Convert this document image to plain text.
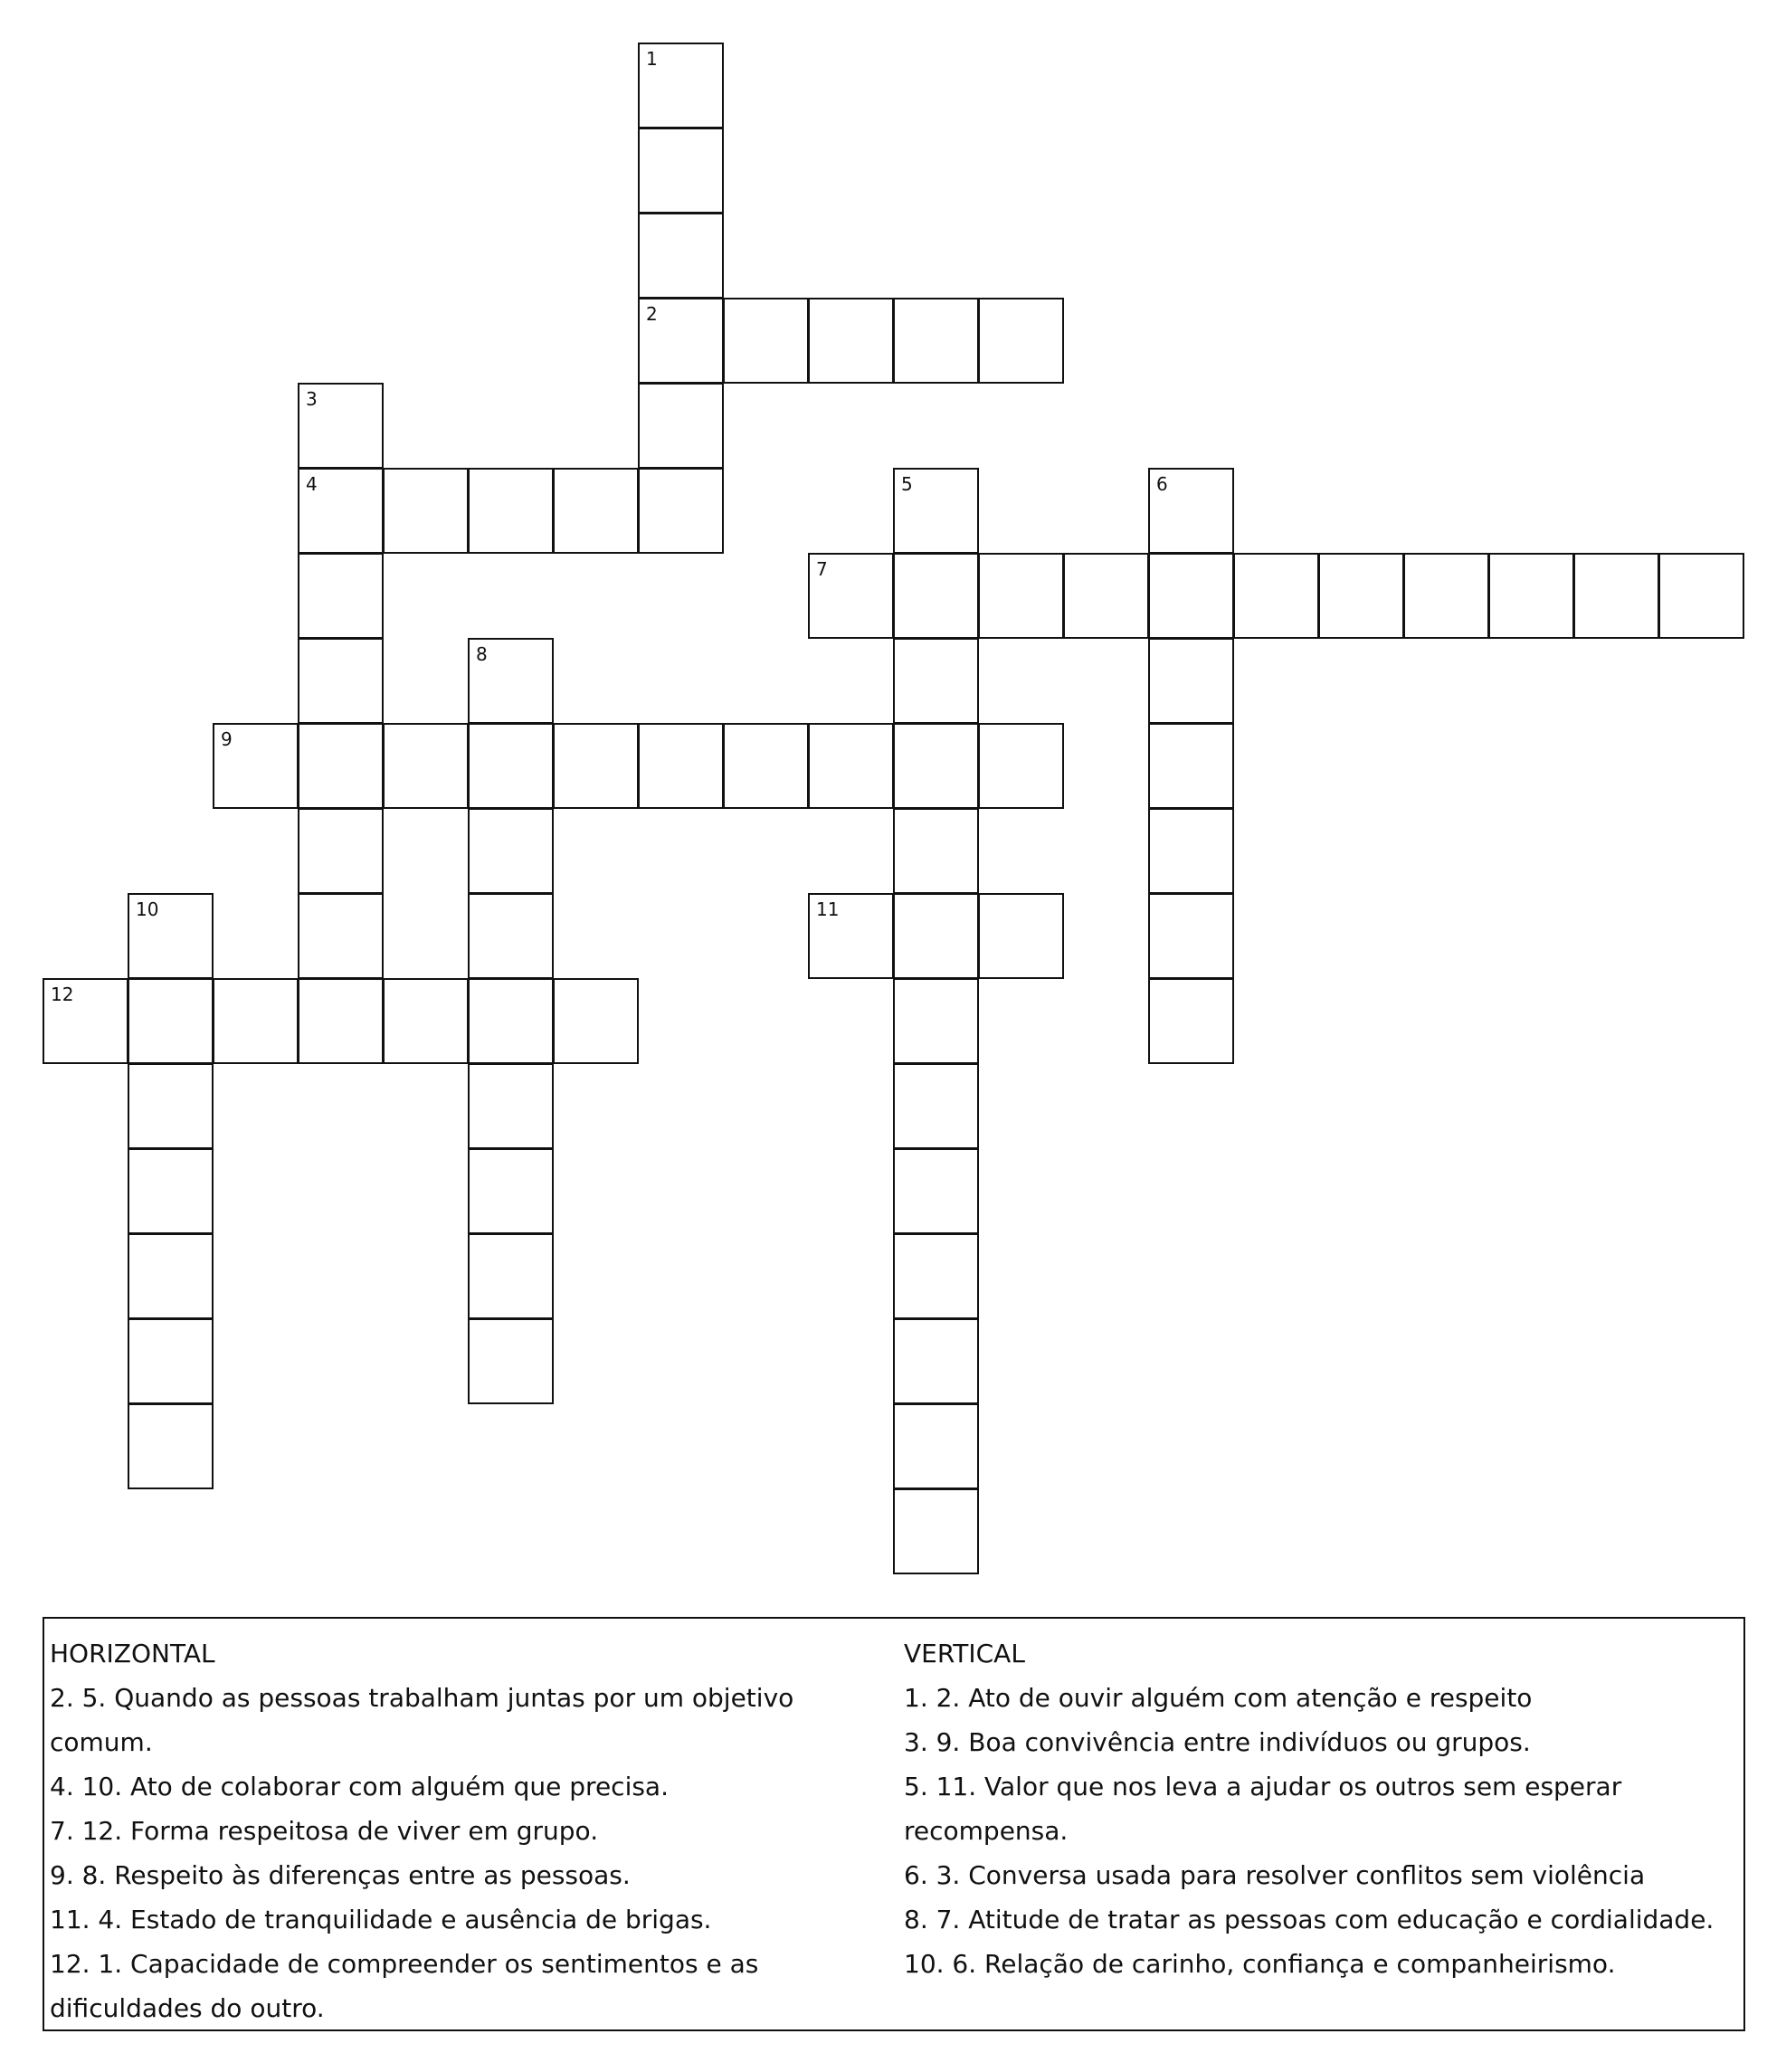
1
2
3
4	5	6
7
8
9
10	11
12
HORIZONTAL
2. 5. Quando as pessoas trabalham juntas por um objetivo comum.
4. 10. Ato de colaborar com alguém que precisa.
7. 12. Forma respeitosa de viver em grupo.
9. 8. Respeito às diferenças entre as pessoas.
11. 4. Estado de tranquilidade e ausência de brigas.
12. 1. Capacidade de compreender os sentimentos e as dificuldades do outro.
VERTICAL
1. 2. Ato de ouvir alguém com atenção e respeito
3. 9. Boa convivência entre indivíduos ou grupos.
5. 11. Valor que nos leva a ajudar os outros sem esperar recompensa.
6. 3. Conversa usada para resolver conflitos sem violência
8. 7. Atitude de tratar as pessoas com educação e cordialidade.
10. 6. Relação de carinho, confiança e companheirismo.
